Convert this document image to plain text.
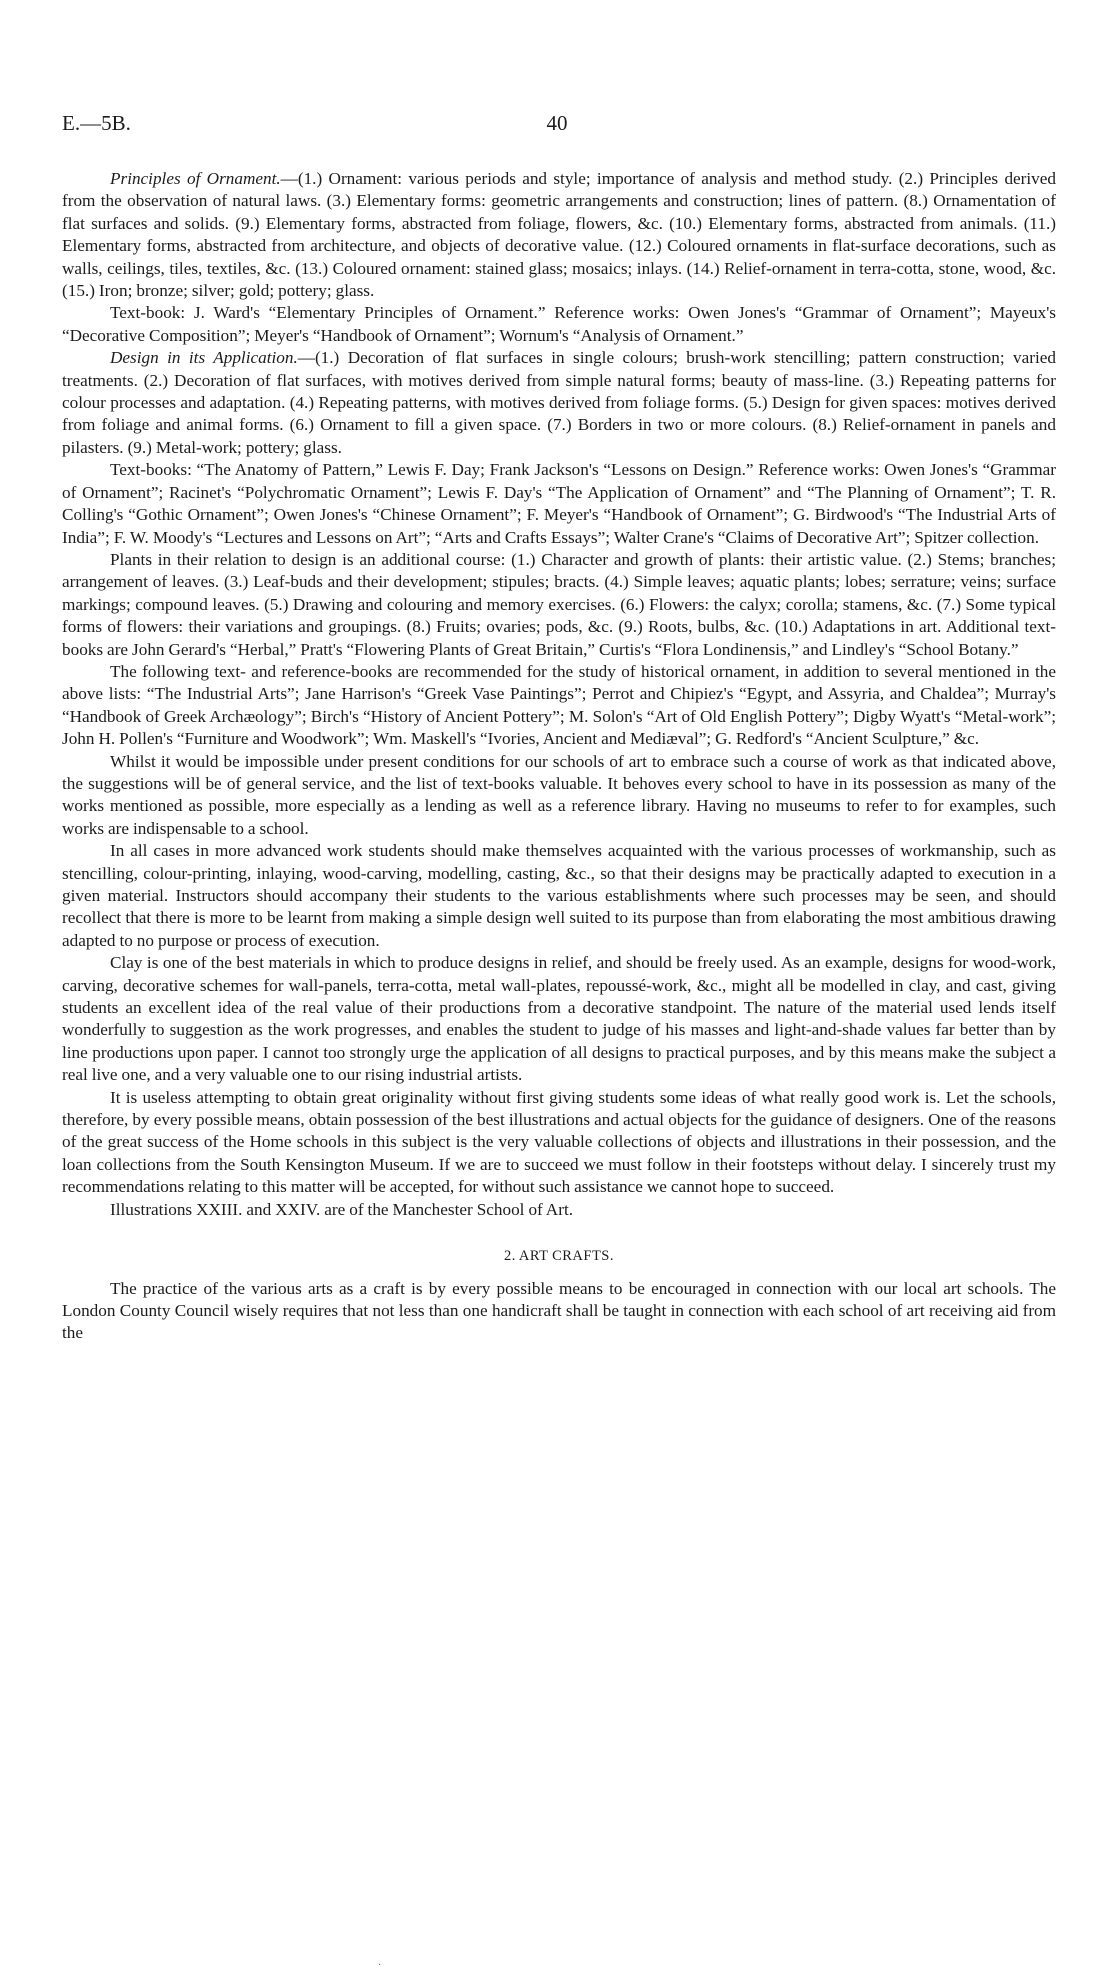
E.—5B.	40

Principles of Ornament.—(1.) Ornament: various periods and style; importance of analysis and method study. (2.) Principles derived from the observation of natural laws. (3.) Elementary forms: geometric arrangements and construction; lines of pattern. (8.) Ornamentation of flat surfaces and solids. (9.) Elementary forms, abstracted from foliage, flowers, &c. (10.) Elementary forms, abstracted from animals. (11.) Elementary forms, abstracted from architecture, and objects of decorative value. (12.) Coloured ornaments in flat-surface decorations, such as walls, ceilings, tiles, textiles, &c. (13.) Coloured ornament: stained glass; mosaics; inlays. (14.) Relief-ornament in terra-cotta, stone, wood, &c. (15.) Iron; bronze; silver; gold; pottery; glass.

Text-book: J. Ward's “Elementary Principles of Ornament.” Reference works: Owen Jones's “Grammar of Ornament”; Mayeux's “Decorative Composition”; Meyer's “Handbook of Ornament”; Wornum's “Analysis of Ornament.”

Design in its Application.—(1.) Decoration of flat surfaces in single colours; brush-work stencilling; pattern construction; varied treatments. (2.) Decoration of flat surfaces, with motives derived from simple natural forms; beauty of mass-line. (3.) Repeating patterns for colour processes and adaptation. (4.) Repeating patterns, with motives derived from foliage forms. (5.) Design for given spaces: motives derived from foliage and animal forms. (6.) Ornament to fill a given space. (7.) Borders in two or more colours. (8.) Relief-ornament in panels and pilasters. (9.) Metal-work; pottery; glass.

Text-books: “The Anatomy of Pattern,” Lewis F. Day; Frank Jackson's “Lessons on Design.” Reference works: Owen Jones's “Grammar of Ornament”; Racinet's “Polychromatic Ornament”; Lewis F. Day's “The Application of Ornament” and “The Planning of Ornament”; T. R. Colling's “Gothic Ornament”; Owen Jones's “Chinese Ornament”; F. Meyer's “Handbook of Ornament”; G. Birdwood's “The Industrial Arts of India”; F. W. Moody's “Lectures and Lessons on Art”; “Arts and Crafts Essays”; Walter Crane's “Claims of Decorative Art”; Spitzer collection.

Plants in their relation to design is an additional course: (1.) Character and growth of plants: their artistic value. (2.) Stems; branches; arrangement of leaves. (3.) Leaf-buds and their development; stipules; bracts. (4.) Simple leaves; aquatic plants; lobes; serrature; veins; surface markings; compound leaves. (5.) Drawing and colouring and memory exercises. (6.) Flowers: the calyx; corolla; stamens, &c. (7.) Some typical forms of flowers: their variations and groupings. (8.) Fruits; ovaries; pods, &c. (9.) Roots, bulbs, &c. (10.) Adaptations in art. Additional text-books are John Gerard's “Herbal,” Pratt's “Flowering Plants of Great Britain,” Curtis's “Flora Londinensis,” and Lindley's “School Botany.”

The following text- and reference-books are recommended for the study of historical ornament, in addition to several mentioned in the above lists: “The Industrial Arts”; Jane Harrison's “Greek Vase Paintings”; Perrot and Chipiez's “Egypt, and Assyria, and Chaldea”; Murray's “Handbook of Greek Archæology”; Birch's “History of Ancient Pottery”; M. Solon's “Art of Old English Pottery”; Digby Wyatt's “Metal-work”; John H. Pollen's “Furniture and Woodwork”; Wm. Maskell's “Ivories, Ancient and Mediæval”; G. Redford's “Ancient Sculpture,” &c.

Whilst it would be impossible under present conditions for our schools of art to embrace such a course of work as that indicated above, the suggestions will be of general service, and the list of text-books valuable. It behoves every school to have in its possession as many of the works mentioned as possible, more especially as a lending as well as a reference library. Having no museums to refer to for examples, such works are indispensable to a school.

In all cases in more advanced work students should make themselves acquainted with the various processes of workmanship, such as stencilling, colour-printing, inlaying, wood-carving, modelling, casting, &c., so that their designs may be practically adapted to execution in a given material. Instructors should accompany their students to the various establishments where such processes may be seen, and should recollect that there is more to be learnt from making a simple design well suited to its purpose than from elaborating the most ambitious drawing adapted to no purpose or process of execution.

Clay is one of the best materials in which to produce designs in relief, and should be freely used. As an example, designs for wood-work, carving, decorative schemes for wall-panels, terra-cotta, metal wall-plates, repoussé-work, &c., might all be modelled in clay, and cast, giving students an excellent idea of the real value of their productions from a decorative standpoint. The nature of the material used lends itself wonderfully to suggestion as the work progresses, and enables the student to judge of his masses and light-and-shade values far better than by line productions upon paper. I cannot too strongly urge the application of all designs to practical purposes, and by this means make the subject a real live one, and a very valuable one to our rising industrial artists.

It is useless attempting to obtain great originality without first giving students some ideas of what really good work is. Let the schools, therefore, by every possible means, obtain possession of the best illustrations and actual objects for the guidance of designers. One of the reasons of the great success of the Home schools in this subject is the very valuable collections of objects and illustrations in their possession, and the loan collections from the South Kensington Museum. If we are to succeed we must follow in their footsteps without delay. I sincerely trust my recommendations relating to this matter will be accepted, for without such assistance we cannot hope to succeed.

Illustrations XXIII. and XXIV. are of the Manchester School of Art.

2. ART CRAFTS.

The practice of the various arts as a craft is by every possible means to be encouraged in connection with our local art schools. The London County Council wisely requires that not less than one handicraft shall be taught in connection with each school of art receiving aid from the

·
